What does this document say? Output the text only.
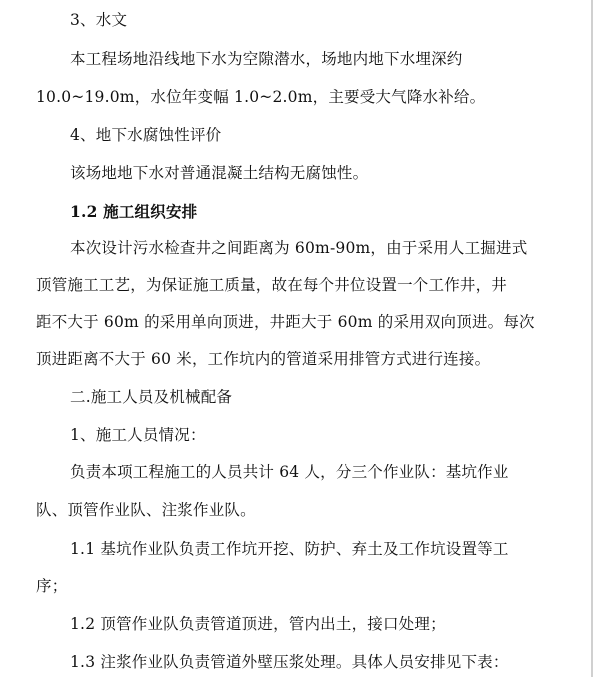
3、水文
本工程场地沿线地下水为空隙潜水，场地内地下水埋深约
10.0~19.0m，水位年变幅 1.0~2.0m，主要受大气降水补给。
4、地下水腐蚀性评价
该场地地下水对普通混凝土结构无腐蚀性。
1.2 施工组织安排
本次设计污水检查井之间距离为 60m-90m，由于采用人工掘进式
顶管施工工艺，为保证施工质量，故在每个井位设置一个工作井，井
距不大于 60m 的采用单向顶进，井距大于 60m 的采用双向顶进。每次
顶进距离不大于 60 米，工作坑内的管道采用排管方式进行连接。
二.施工人员及机械配备
1、施工人员情况：
负责本项工程施工的人员共计 64 人，分三个作业队：基坑作业
队、顶管作业队、注浆作业队。
1.1 基坑作业队负责工作坑开挖、防护、弃土及工作坑设置等工
序；
1.2 顶管作业队负责管道顶进，管内出土，接口处理；
1.3 注浆作业队负责管道外壁压浆处理。具体人员安排见下表：
